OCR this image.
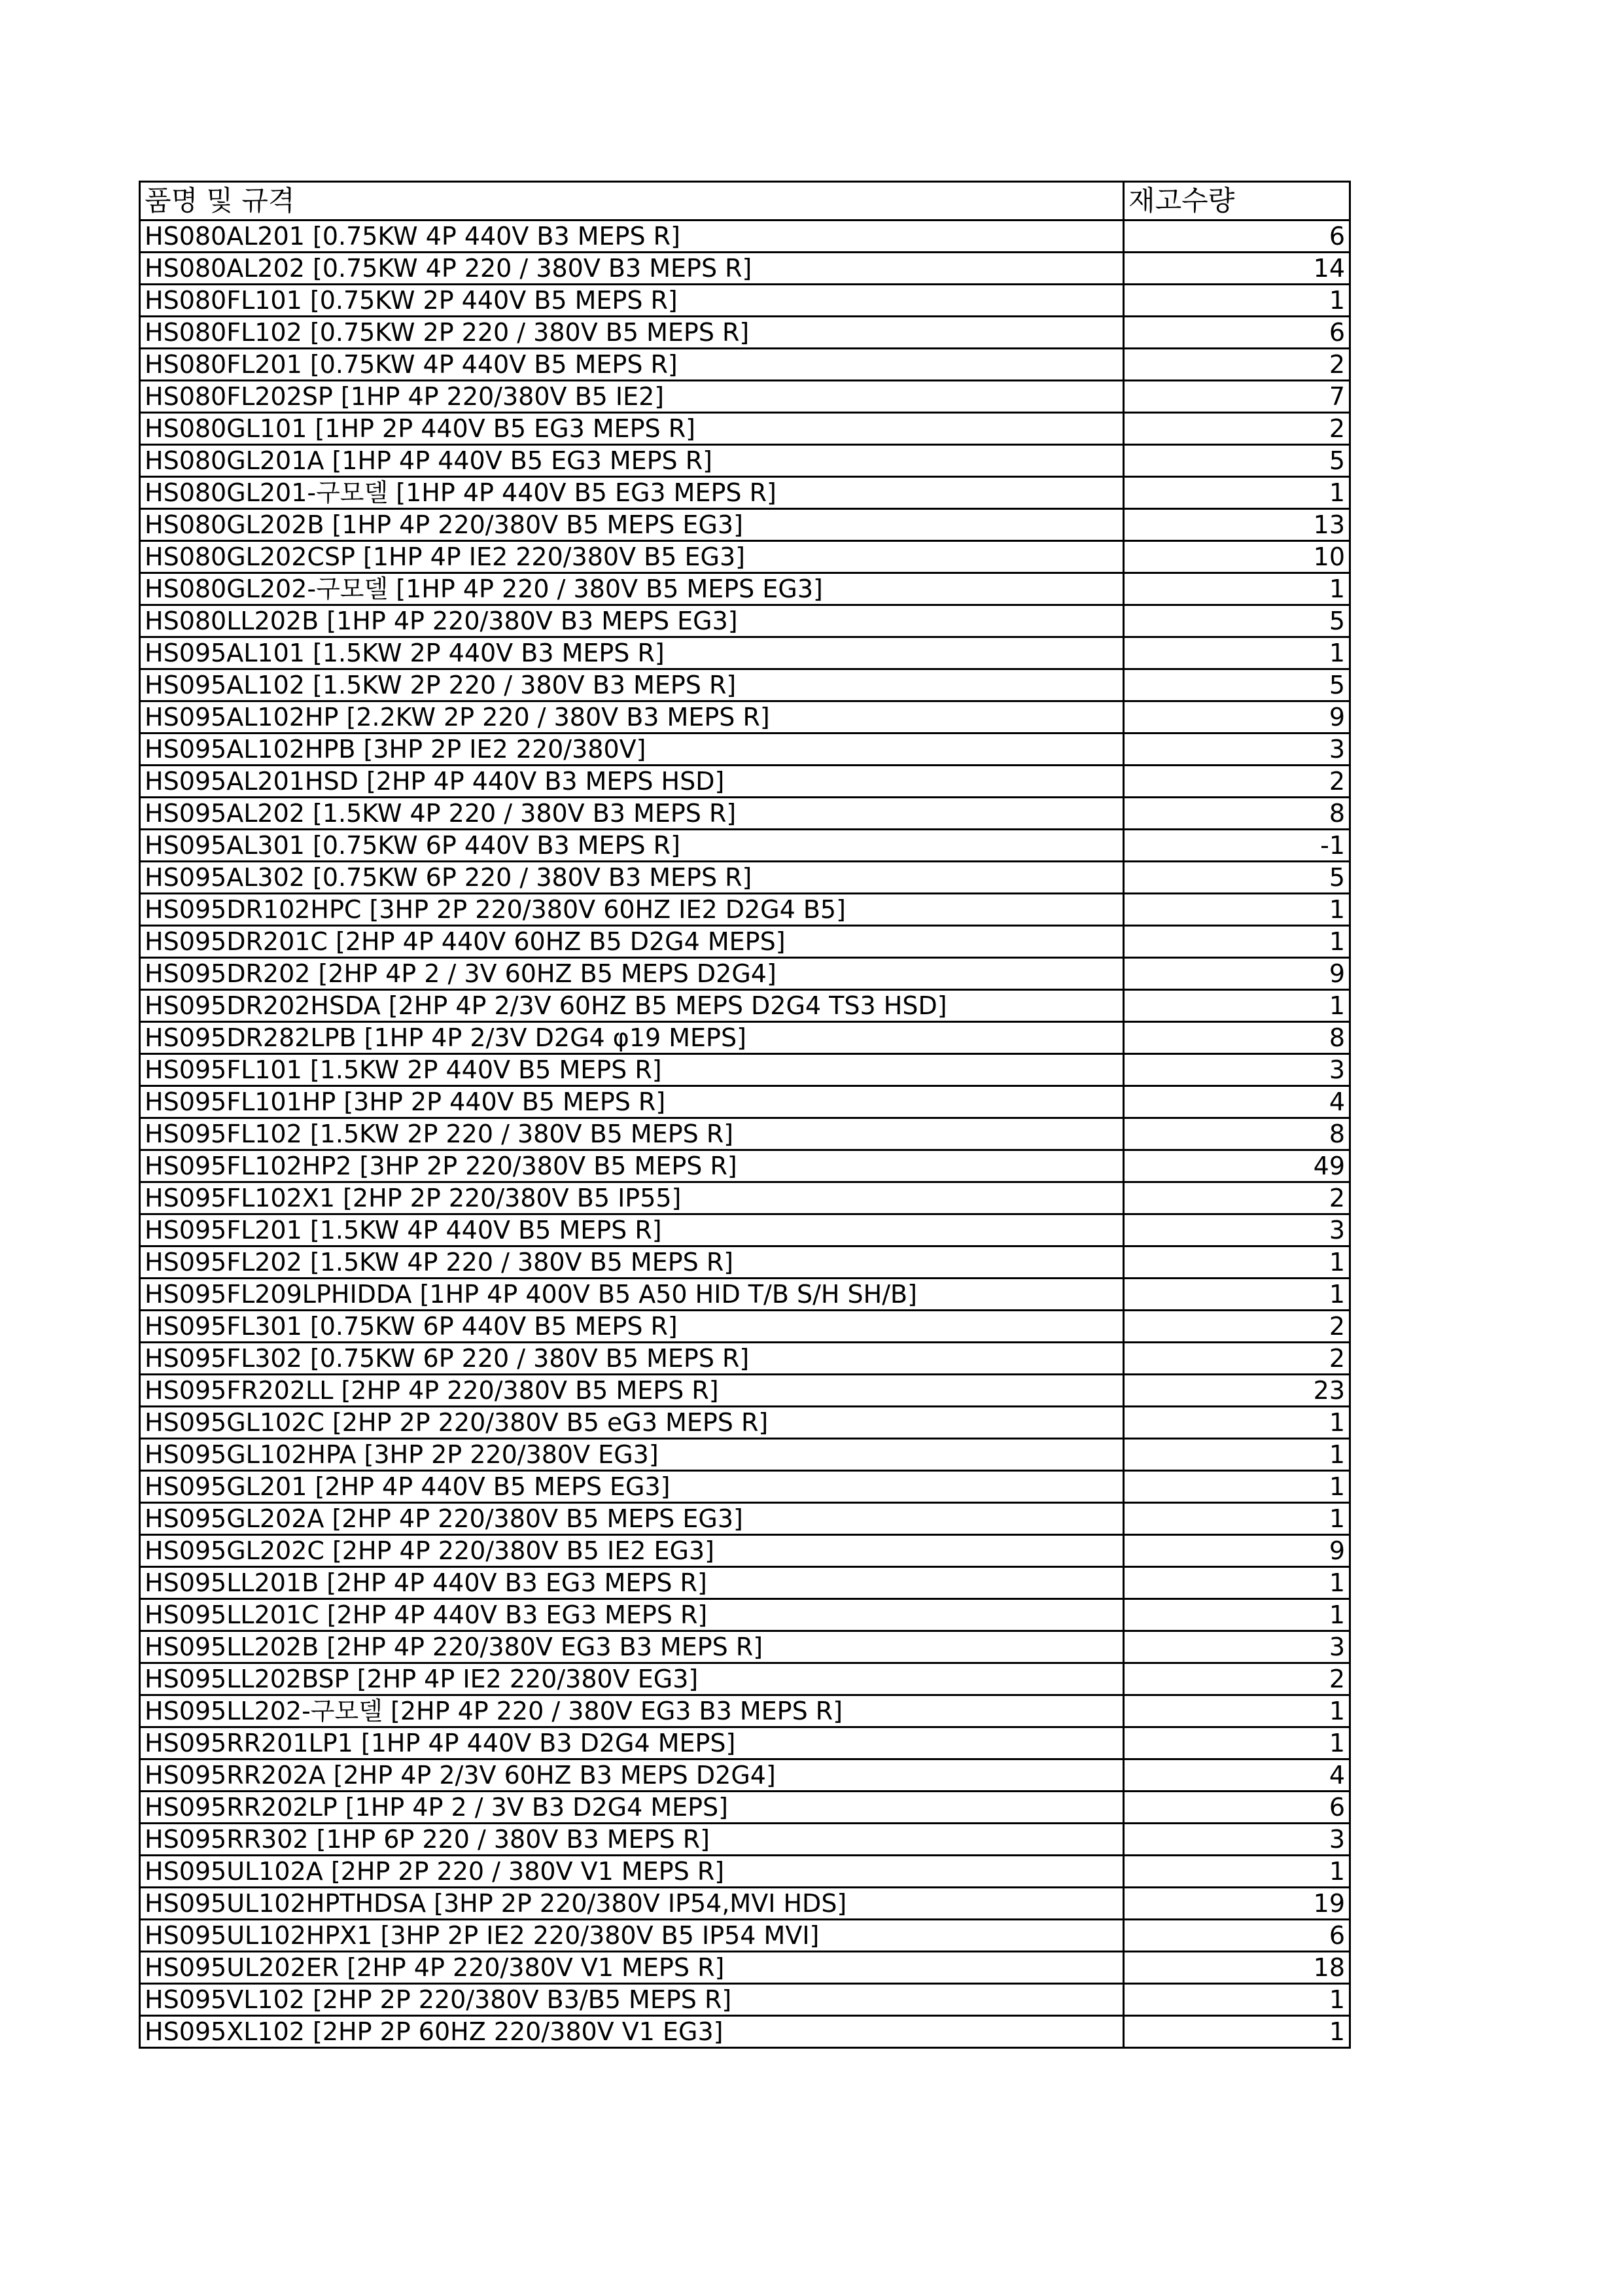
품명 및 규격	재고수량
HS080AL201 [0.75KW 4P 440V B3 MEPS R]	6
HS080AL202 [0.75KW 4P 220 / 380V B3 MEPS R]	14
HS080FL101 [0.75KW 2P 440V B5 MEPS R]	1
HS080FL102 [0.75KW 2P 220 / 380V B5 MEPS R]	6
HS080FL201 [0.75KW 4P 440V B5 MEPS R]	2
HS080FL202SP [1HP 4P 220/380V B5 IE2]	7
HS080GL101 [1HP 2P 440V B5 EG3 MEPS R]	2
HS080GL201A [1HP 4P 440V B5 EG3 MEPS R]	5
HS080GL201-구모델 [1HP 4P 440V B5 EG3 MEPS R]	1
HS080GL202B [1HP 4P 220/380V B5 MEPS EG3]	13
HS080GL202CSP [1HP 4P IE2 220/380V B5 EG3]	10
HS080GL202-구모델 [1HP 4P 220 / 380V B5 MEPS EG3]	1
HS080LL202B [1HP 4P 220/380V B3 MEPS EG3]	5
HS095AL101 [1.5KW 2P 440V B3 MEPS R]	1
HS095AL102 [1.5KW 2P 220 / 380V B3 MEPS R]	5
HS095AL102HP [2.2KW 2P 220 / 380V B3 MEPS R]	9
HS095AL102HPB [3HP 2P IE2 220/380V]	3
HS095AL201HSD [2HP 4P 440V B3 MEPS HSD]	2
HS095AL202 [1.5KW 4P 220 / 380V B3 MEPS R]	8
HS095AL301 [0.75KW 6P 440V B3 MEPS R]	-1
HS095AL302 [0.75KW 6P 220 / 380V B3 MEPS R]	5
HS095DR102HPC [3HP 2P 220/380V 60HZ IE2 D2G4 B5]	1
HS095DR201C [2HP 4P 440V 60HZ B5 D2G4 MEPS]	1
HS095DR202 [2HP 4P 2 / 3V 60HZ B5 MEPS D2G4]	9
HS095DR202HSDA [2HP 4P 2/3V 60HZ B5 MEPS D2G4 TS3 HSD]	1
HS095DR282LPB [1HP 4P 2/3V D2G4 φ19 MEPS]	8
HS095FL101 [1.5KW 2P 440V B5 MEPS R]	3
HS095FL101HP [3HP 2P 440V B5 MEPS R]	4
HS095FL102 [1.5KW 2P 220 / 380V B5 MEPS R]	8
HS095FL102HP2 [3HP 2P 220/380V B5 MEPS R]	49
HS095FL102X1 [2HP 2P 220/380V B5 IP55]	2
HS095FL201 [1.5KW 4P 440V B5 MEPS R]	3
HS095FL202 [1.5KW 4P 220 / 380V B5 MEPS R]	1
HS095FL209LPHIDDA [1HP 4P 400V B5 A50 HID T/B S/H SH/B]	1
HS095FL301 [0.75KW 6P 440V B5 MEPS R]	2
HS095FL302 [0.75KW 6P 220 / 380V B5 MEPS R]	2
HS095FR202LL [2HP 4P 220/380V B5 MEPS R]	23
HS095GL102C [2HP 2P 220/380V B5 eG3 MEPS R]	1
HS095GL102HPA [3HP 2P 220/380V EG3]	1
HS095GL201 [2HP 4P 440V B5 MEPS EG3]	1
HS095GL202A [2HP 4P 220/380V B5 MEPS EG3]	1
HS095GL202C [2HP 4P 220/380V B5 IE2 EG3]	9
HS095LL201B [2HP 4P 440V B3 EG3 MEPS R]	1
HS095LL201C [2HP 4P 440V B3 EG3 MEPS R]	1
HS095LL202B [2HP 4P 220/380V EG3 B3 MEPS R]	3
HS095LL202BSP [2HP 4P IE2 220/380V EG3]	2
HS095LL202-구모델 [2HP 4P 220 / 380V EG3 B3 MEPS R]	1
HS095RR201LP1 [1HP 4P 440V B3 D2G4 MEPS]	1
HS095RR202A [2HP 4P 2/3V 60HZ B3 MEPS D2G4]	4
HS095RR202LP [1HP 4P 2 / 3V B3 D2G4 MEPS]	6
HS095RR302 [1HP 6P 220 / 380V B3 MEPS R]	3
HS095UL102A [2HP 2P 220 / 380V V1 MEPS R]	1
HS095UL102HPTHDSA [3HP 2P 220/380V IP54,MVI HDS]	19
HS095UL102HPX1 [3HP 2P IE2 220/380V B5 IP54 MVI]	6
HS095UL202ER [2HP 4P 220/380V V1 MEPS R]	18
HS095VL102 [2HP 2P 220/380V B3/B5 MEPS R]	1
HS095XL102 [2HP 2P 60HZ 220/380V V1 EG3]	1
